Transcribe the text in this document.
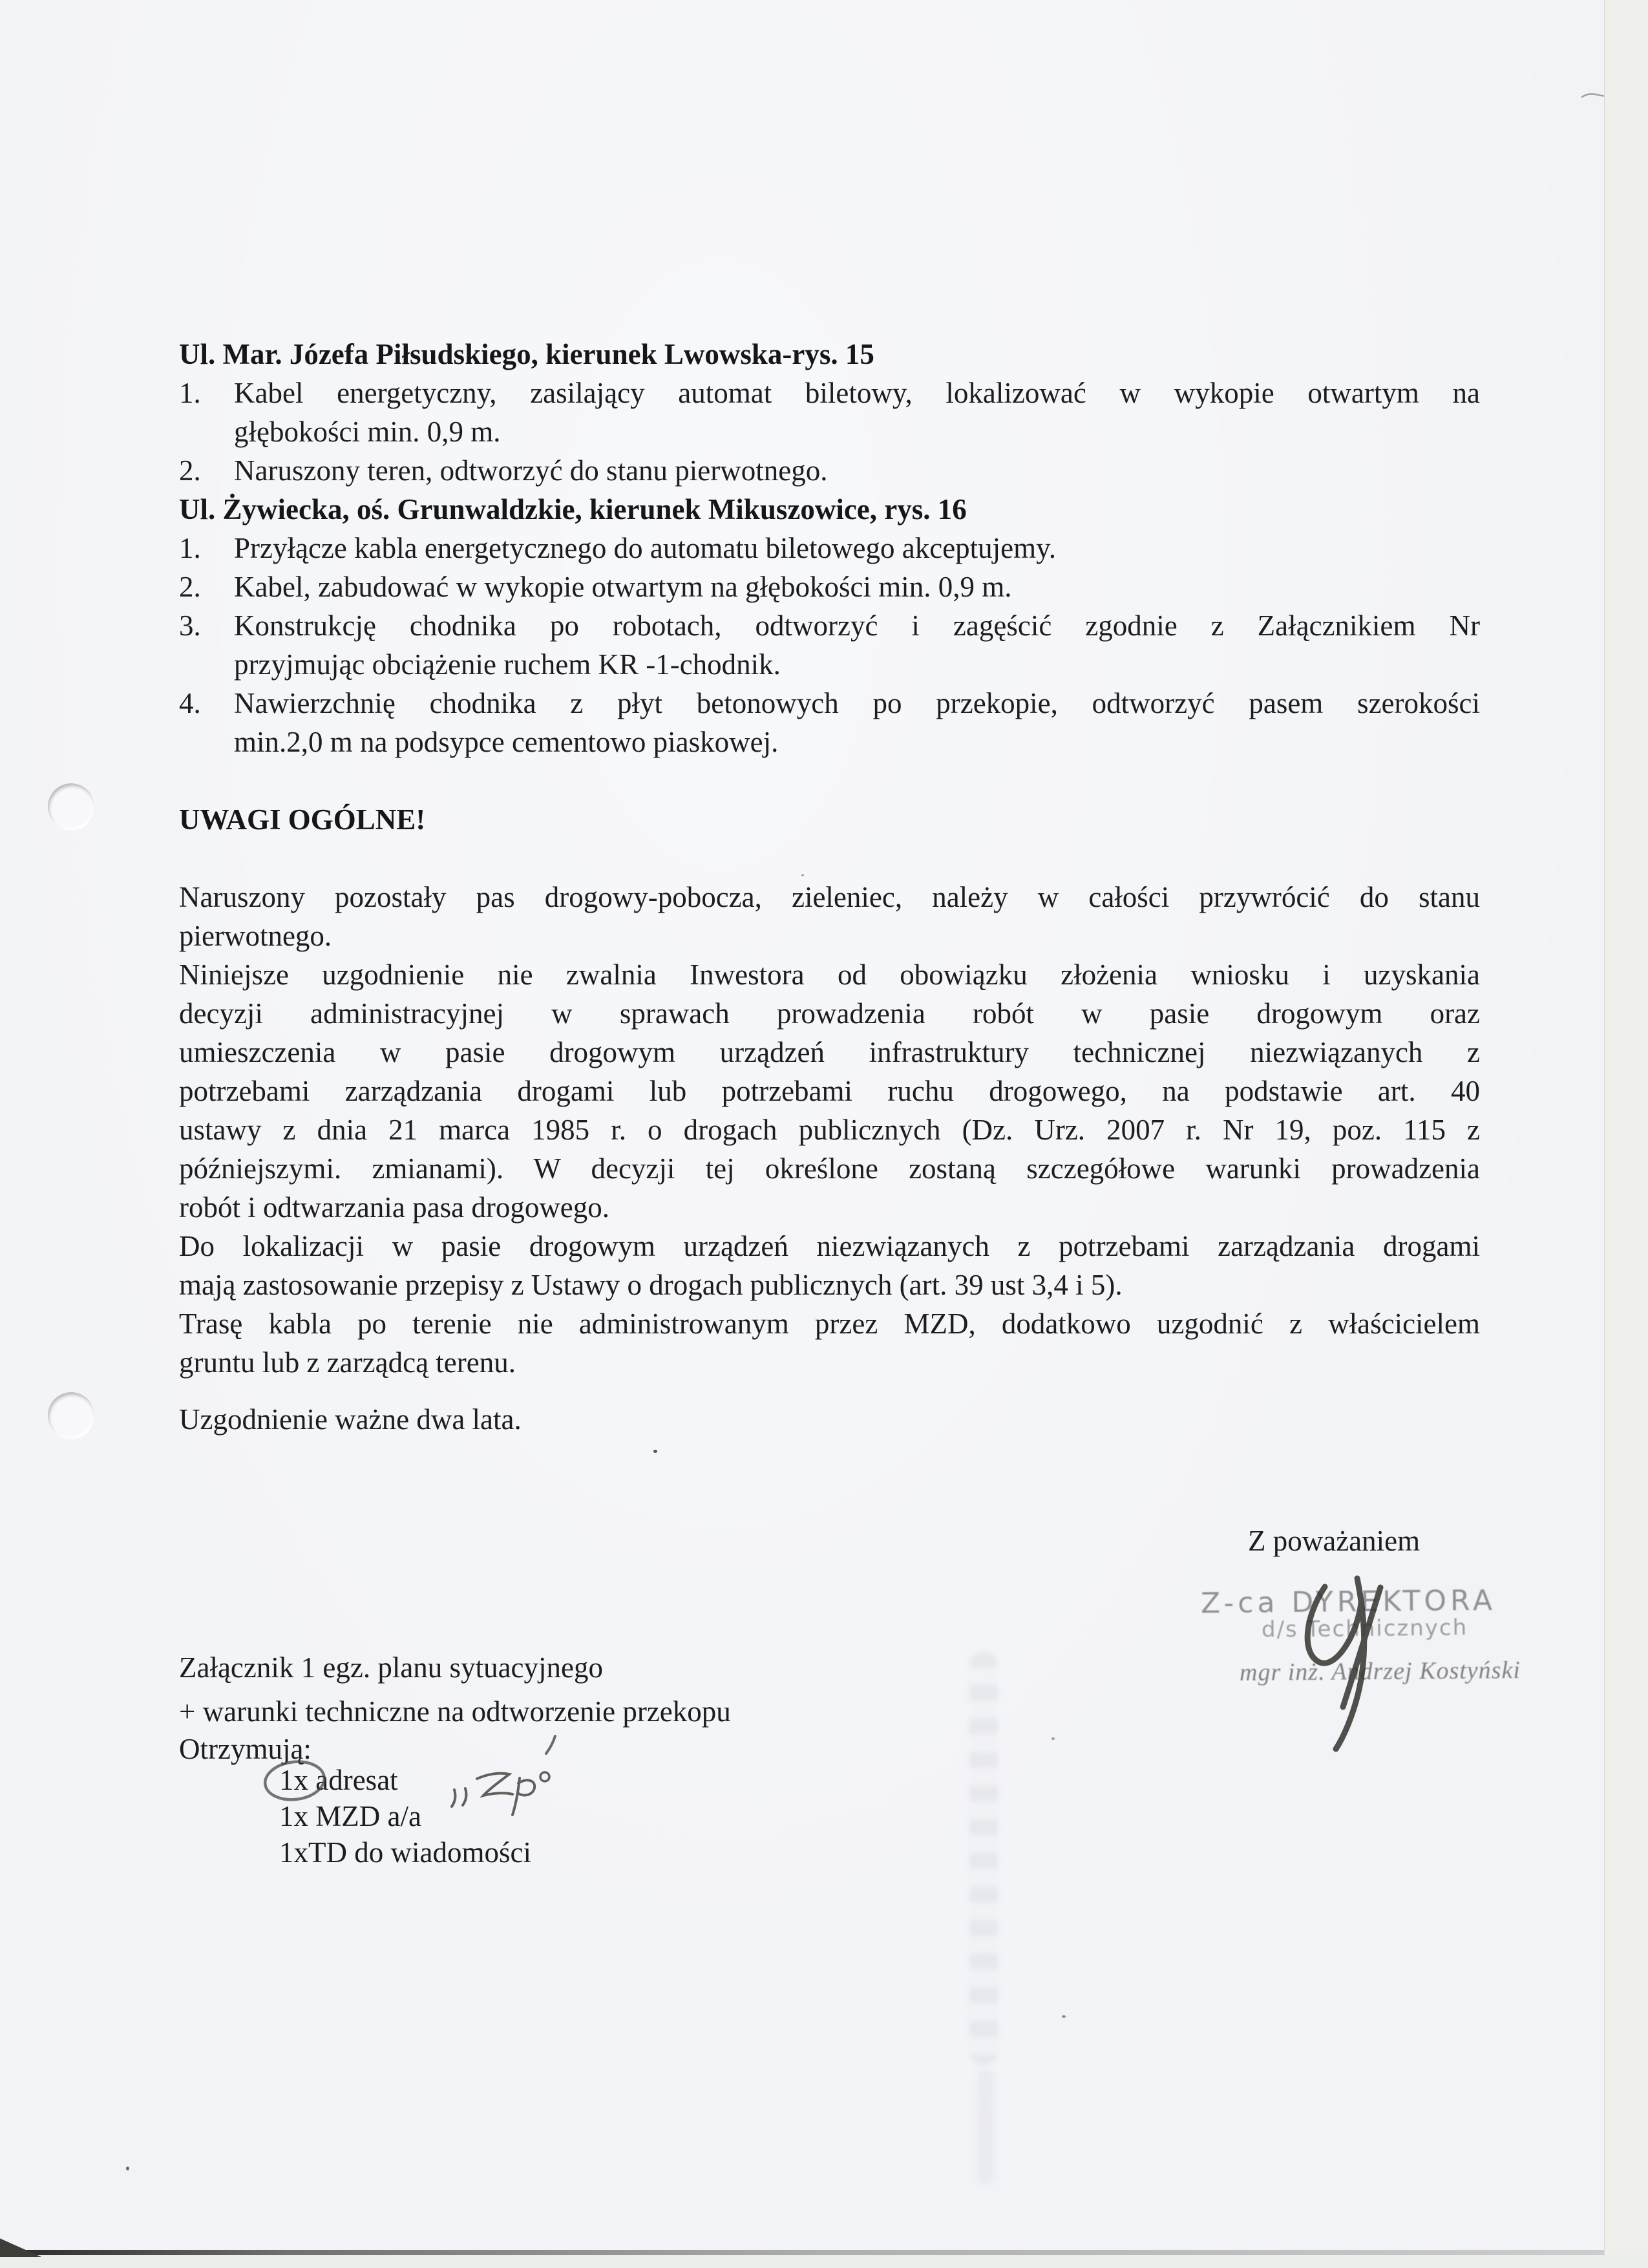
Ul. Mar. Józefa Piłsudskiego, kierunek Lwowska-rys. 15
1. Kabel energetyczny, zasilający automat biletowy, lokalizować w wykopie otwartym na
głębokości min. 0,9 m.
2. Naruszony teren, odtworzyć do stanu pierwotnego.
Ul. Żywiecka, oś. Grunwaldzkie, kierunek Mikuszowice, rys. 16
1. Przyłącze kabla energetycznego do automatu biletowego akceptujemy.
2. Kabel, zabudować w wykopie otwartym na głębokości min. 0,9 m.
3. Konstrukcję chodnika po robotach, odtworzyć i zagęścić zgodnie z Załącznikiem Nr
przyjmując obciążenie ruchem KR -1-chodnik.
4. Nawierzchnię chodnika z płyt betonowych po przekopie, odtworzyć pasem szerokości
min.2,0 m na podsypce cementowo piaskowej.
UWAGI OGÓLNE!
Naruszony pozostały pas drogowy-pobocza, zieleniec, należy w całości przywrócić do stanu
pierwotnego.
Niniejsze uzgodnienie nie zwalnia Inwestora od obowiązku złożenia wniosku i uzyskania
decyzji administracyjnej w sprawach prowadzenia robót w pasie drogowym oraz
umieszczenia w pasie drogowym urządzeń infrastruktury technicznej niezwiązanych z
potrzebami zarządzania drogami lub potrzebami ruchu drogowego, na podstawie art. 40
ustawy z dnia 21 marca 1985 r. o drogach publicznych (Dz. Urz. 2007 r. Nr 19, poz. 115 z
późniejszymi. zmianami). W decyzji tej określone zostaną szczegółowe warunki prowadzenia
robót i odtwarzania pasa drogowego.
Do lokalizacji w pasie drogowym urządzeń niezwiązanych z potrzebami zarządzania drogami
mają zastosowanie przepisy z Ustawy o drogach publicznych (art. 39 ust 3,4 i 5).
Trasę kabla po terenie nie administrowanym przez MZD, dodatkowo uzgodnić z właścicielem
gruntu lub z zarządcą terenu.
Uzgodnienie ważne dwa lata.
Z poważaniem
Z-ca DYREKTORA
d/s Technicznych
mgr inż. Andrzej Kostyński
Załącznik 1 egz. planu sytuacyjnego
+ warunki techniczne na odtworzenie przekopu
Otrzymują:
1x adresat
1x MZD a/a
1xTD do wiadomości
